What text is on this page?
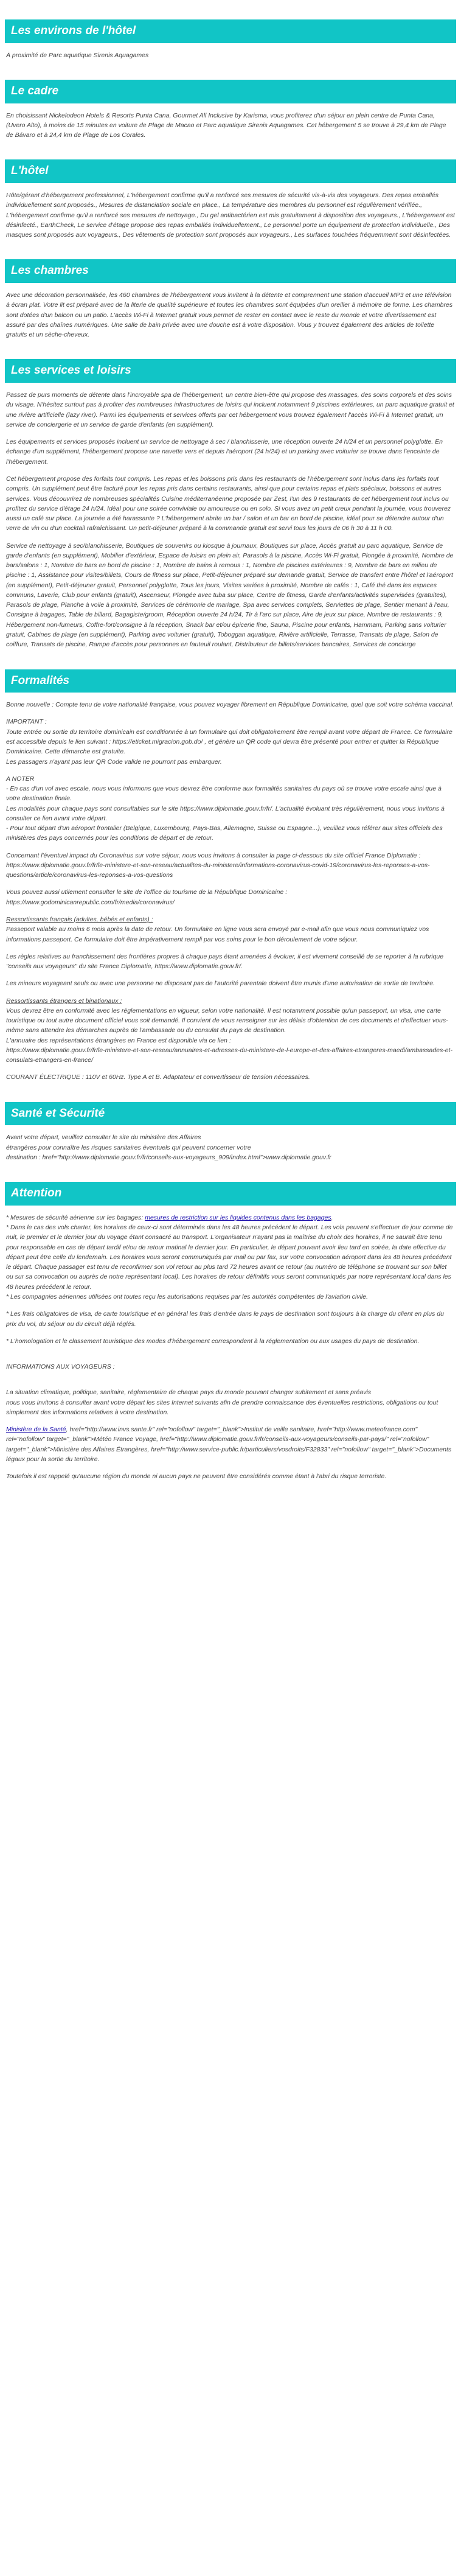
Les environs de l'hôtel

À proximité de Parc aquatique Sirenis Aquagames

Le cadre

En choisissant Nickelodeon Hotels & Resorts Punta Cana, Gourmet All Inclusive by Karisma, vous profiterez d'un séjour en plein centre de Punta Cana, (Uvero Alto), à moins de 15 minutes en voiture de Plage de Macao et Parc aquatique Sirenis Aquagames. Cet hébergement 5 se trouve à 29,4 km de Plage de Bávaro et à 24,4 km de Plage de Los Corales.

L'hôtel

Hôte/gérant d'hébergement professionnel, L'hébergement confirme qu'il a renforcé ses mesures de sécurité vis-à-vis des voyageurs. Des repas emballés individuellement sont proposés., Mesures de distanciation sociale en place., La température des membres du personnel est régulièrement vérifiée., L'hébergement confirme qu'il a renforcé ses mesures de nettoyage., Du gel antibactérien est mis gratuitement à disposition des voyageurs., L'hébergement est désinfecté., EarthCheck, Le service d'étage propose des repas emballés individuellement., Le personnel porte un équipement de protection individuelle., Des masques sont proposés aux voyageurs., Des vêtements de protection sont proposés aux voyageurs., Les surfaces touchées fréquemment sont désinfectées.

Les chambres

Avec une décoration personnalisée, les 460 chambres de l'hébergement vous invitent à la détente et comprennent une station d'accueil MP3 et une télévision à écran plat. Votre lit est préparé avec de la literie de qualité supérieure et toutes les chambres sont équipées d'un oreiller à mémoire de forme. Les chambres sont dotées d'un balcon ou un patio. L'accès Wi-Fi à Internet gratuit vous permet de rester en contact avec le reste du monde et votre divertissement est assuré par des chaînes numériques. Une salle de bain privée avec une douche est à votre disposition. Vous y trouvez également des articles de toilette gratuits et un sèche-cheveux.

Les services et loisirs

Passez de purs moments de détente dans l'incroyable spa de l'hébergement, un centre bien-être qui propose des massages, des soins corporels et des soins du visage. N'hésitez surtout pas à profiter des nombreuses infrastructures de loisirs qui incluent notamment 9 piscines extérieures, un parc aquatique gratuit et une rivière artificielle (lazy river). Parmi les équipements et services offerts par cet hébergement vous trouvez également l'accès Wi-Fi à Internet gratuit, un service de conciergerie et un service de garde d'enfants (en supplément).

Les équipements et services proposés incluent un service de nettoyage à sec / blanchisserie, une réception ouverte 24 h/24 et un personnel polyglotte. En échange d'un supplément, l'hébergement propose une navette vers et depuis l'aéroport (24 h/24) et un parking avec voiturier se trouve dans l'enceinte de l'hébergement.

Cet hébergement propose des forfaits tout compris. Les repas et les boissons pris dans les restaurants de l'hébergement sont inclus dans les forfaits tout compris. Un supplément peut être facturé pour les repas pris dans certains restaurants, ainsi que pour certains repas et plats spéciaux, boissons et autres services. Vous découvrirez de nombreuses spécialités Cuisine méditerranéenne proposée par Zest, l'un des 9 restaurants de cet hébergement tout inclus ou profitez du service d'étage 24 h/24. Idéal pour une soirée conviviale ou amoureuse ou en solo. Si vous avez un petit creux pendant la journée, vous trouverez aussi un café sur place. La journée a été harassante ? L'hébergement abrite un bar / salon et un bar en bord de piscine, idéal pour se détendre autour d'un verre de vin ou d'un cocktail rafraîchissant. Un petit-déjeuner préparé à la commande gratuit est servi tous les jours de 06 h 30 à 11 h 00.

Service de nettoyage à sec/blanchisserie, Boutiques de souvenirs ou kiosque à journaux, Boutiques sur place, Accès gratuit au parc aquatique, Service de garde d'enfants (en supplément), Mobilier d'extérieur, Espace de loisirs en plein air, Parasols à la piscine, Accès Wi-Fi gratuit, Plongée à proximité, Nombre de bars/salons : 1, Nombre de bars en bord de piscine : 1, Nombre de bains à remous : 1, Nombre de piscines extérieures : 9, Nombre de bars en milieu de piscine : 1, Assistance pour visites/billets, Cours de fitness sur place, Petit-déjeuner préparé sur demande gratuit, Service de transfert entre l'hôtel et l'aéroport (en supplément), Petit-déjeuner gratuit, Personnel polyglotte, Tous les jours, Visites variées à proximité, Nombre de cafés : 1, Café thé dans les espaces communs, Laverie, Club pour enfants (gratuit), Ascenseur, Plongée avec tuba sur place, Centre de fitness, Garde d'enfants/activités supervisées (gratuites), Parasols de plage, Planche à voile à proximité, Services de cérémonie de mariage, Spa avec services complets, Serviettes de plage, Sentier menant à l'eau, Consigne à bagages, Table de billard, Bagagiste/groom, Réception ouverte 24 h/24, Tir à l'arc sur place, Aire de jeux sur place, Nombre de restaurants : 9, Hébergement non-fumeurs, Coffre-fort/consigne à la réception, Snack bar et/ou épicerie fine, Sauna, Piscine pour enfants, Hammam, Parking sans voiturier gratuit, Cabines de plage (en supplément), Parking avec voiturier (gratuit), Toboggan aquatique, Rivière artificielle, Terrasse, Transats de plage, Salon de coiffure, Transats de piscine, Rampe d'accès pour personnes en fauteuil roulant, Distributeur de billets/services bancaires, Services de concierge

Formalités

Bonne nouvelle : Compte tenu de votre nationalité française, vous pouvez voyager librement en République Dominicaine, quel que soit votre schéma vaccinal.

IMPORTANT :
Toute entrée ou sortie du territoire dominicain est conditionnée à un formulaire qui doit obligatoirement être rempli avant votre départ de France. Ce formulaire est accessible depuis le lien suivant : https://eticket.migracion.gob.do/ , et génère un QR code qui devra être présenté pour entrer et quitter la République Dominicaine. Cette démarche est gratuite.
Les passagers n'ayant pas leur QR Code valide ne pourront pas embarquer.

A NOTER
- En cas d'un vol avec escale, nous vous informons que vous devrez être conforme aux formalités sanitaires du pays où se trouve votre escale ainsi que à votre destination finale.
Les modalités pour chaque pays sont consultables sur le site https://www.diplomatie.gouv.fr/fr/. L'actualité évoluant très régulièrement, nous vous invitons à consulter ce lien avant votre départ.
- Pour tout départ d'un aéroport frontalier (Belgique, Luxembourg, Pays-Bas, Allemagne, Suisse ou Espagne...), veuillez vous référer aux sites officiels des ministères des pays concernés pour les conditions de départ et de retour.

Concernant l'éventuel impact du Coronavirus sur votre séjour, nous vous invitons à consulter la page ci-dessous du site officiel France Diplomatie :
https://www.diplomatie.gouv.fr/fr/le-ministere-et-son-reseau/actualites-du-ministere/informations-coronavirus-covid-19/coronavirus-les-reponses-a-vos-questions/article/coronavirus-les-reponses-a-vos-questions

Vous pouvez aussi utilement consulter le site de l'office du tourisme de la République Dominicaine :
https://www.godominicanrepublic.com/fr/media/coronavirus/

Ressortissants français (adultes, bébés et enfants) :
Passeport valable au moins 6 mois après la date de retour. Un formulaire en ligne vous sera envoyé par e-mail afin que vous nous communiquiez vos informations passeport. Ce formulaire doit être impérativement rempli par vos soins pour le bon déroulement de votre séjour.

Les règles relatives au franchissement des frontières propres à chaque pays étant amenées à évoluer, il est vivement conseillé de se reporter à la rubrique "conseils aux voyageurs" du site France Diplomatie, https://www.diplomatie.gouv.fr/.

Les mineurs voyageant seuls ou avec une personne ne disposant pas de l'autorité parentale doivent être munis d'une autorisation de sortie de territoire.

Ressortissants étrangers et binationaux :
Vous devrez être en conformité avec les réglementations en vigueur, selon votre nationalité. Il est notamment possible qu'un passeport, un visa, une carte touristique ou tout autre document officiel vous soit demandé. Il convient de vous renseigner sur les délais d'obtention de ces documents et d'effectuer vous-même sans attendre les démarches auprès de l'ambassade ou du consulat du pays de destination.
L'annuaire des représentations étrangères en France est disponible via ce lien :
https://www.diplomatie.gouv.fr/fr/le-ministere-et-son-reseau/annuaires-et-adresses-du-ministere-de-l-europe-et-des-affaires-etrangeres-maedi/ambassades-et-consulats-etrangers-en-france/

COURANT ÉLECTRIQUE : 110V et 60Hz. Type A et B. Adaptateur et convertisseur de tension nécessaires.

Santé et Sécurité

Avant votre départ, veuillez consulter le site du ministère des Affaires
étrangères pour connaître les risques sanitaires éventuels qui peuvent concerner votre
destination : href="http://www.diplomatie.gouv.fr/fr/conseils-aux-voyageurs_909/index.html">www.diplomatie.gouv.fr

Attention

* Mesures de sécurité aérienne sur les bagages: mesures de restriction sur les liquides contenus dans les bagages.
* Dans le cas des vols charter, les horaires de ceux-ci sont déterminés dans les 48 heures précédent le départ. Les vols peuvent s'effectuer de jour comme de nuit, le premier et le dernier jour du voyage étant consacré au transport. L'organisateur n'ayant pas la maîtrise du choix des horaires, il ne saurait être tenu pour responsable en cas de départ tardif et/ou de retour matinal le dernier jour. En particulier, le départ pouvant avoir lieu tard en soirée, la date effective du départ peut être celle du lendemain. Les horaires vous seront communiqués par mail ou par fax, sur votre convocation aéroport dans les 48 heures précédent le départ. Chaque passager est tenu de reconfirmer son vol retour au plus tard 72 heures avant ce retour (au numéro de téléphone se trouvant sur son billet ou sur sa convocation ou auprès de notre représentant local). Les horaires de retour définitifs vous seront communiqués par notre représentant local dans les 48 heures précédent le retour.
* Les compagnies aériennes utilisées ont toutes reçu les autorisations requises par les autorités compétentes de l'aviation civile.

* Les frais obligatoires de visa, de carte touristique et en général les frais d'entrée dans le pays de destination sont toujours à la charge du client en plus du prix du vol, du séjour ou du circuit déjà réglés.

* L'homologation et le classement touristique des modes d'hébergement correspondent à la réglementation ou aux usages du pays de destination.

INFORMATIONS AUX VOYAGEURS :

La situation climatique, politique, sanitaire, réglementaire de chaque pays du monde pouvant changer subitement et sans préavis
nous vous invitons à consulter avant votre départ les sites Internet suivants afin de prendre connaissance des éventuelles restrictions, obligations ou tout simplement des informations relatives à votre destination.

Ministère de la Santé, href="http://www.invs.sante.fr" rel="nofollow" target="_blank">Institut de veille sanitaire, href="http://www.meteofrance.com" rel="nofollow" target="_blank">Météo France Voyage, href="http://www.diplomatie.gouv.fr/fr/conseils-aux-voyageurs/conseils-par-pays/" rel="nofollow" target="_blank">Ministère des Affaires Étrangères, href="http://www.service-public.fr/particuliers/vosdroits/F32833" rel="nofollow" target="_blank">Documents légaux pour la sortie du territoire.

Toutefois il est rappelé qu'aucune région du monde ni aucun pays ne peuvent être considérés comme étant à l'abri du risque terroriste.
